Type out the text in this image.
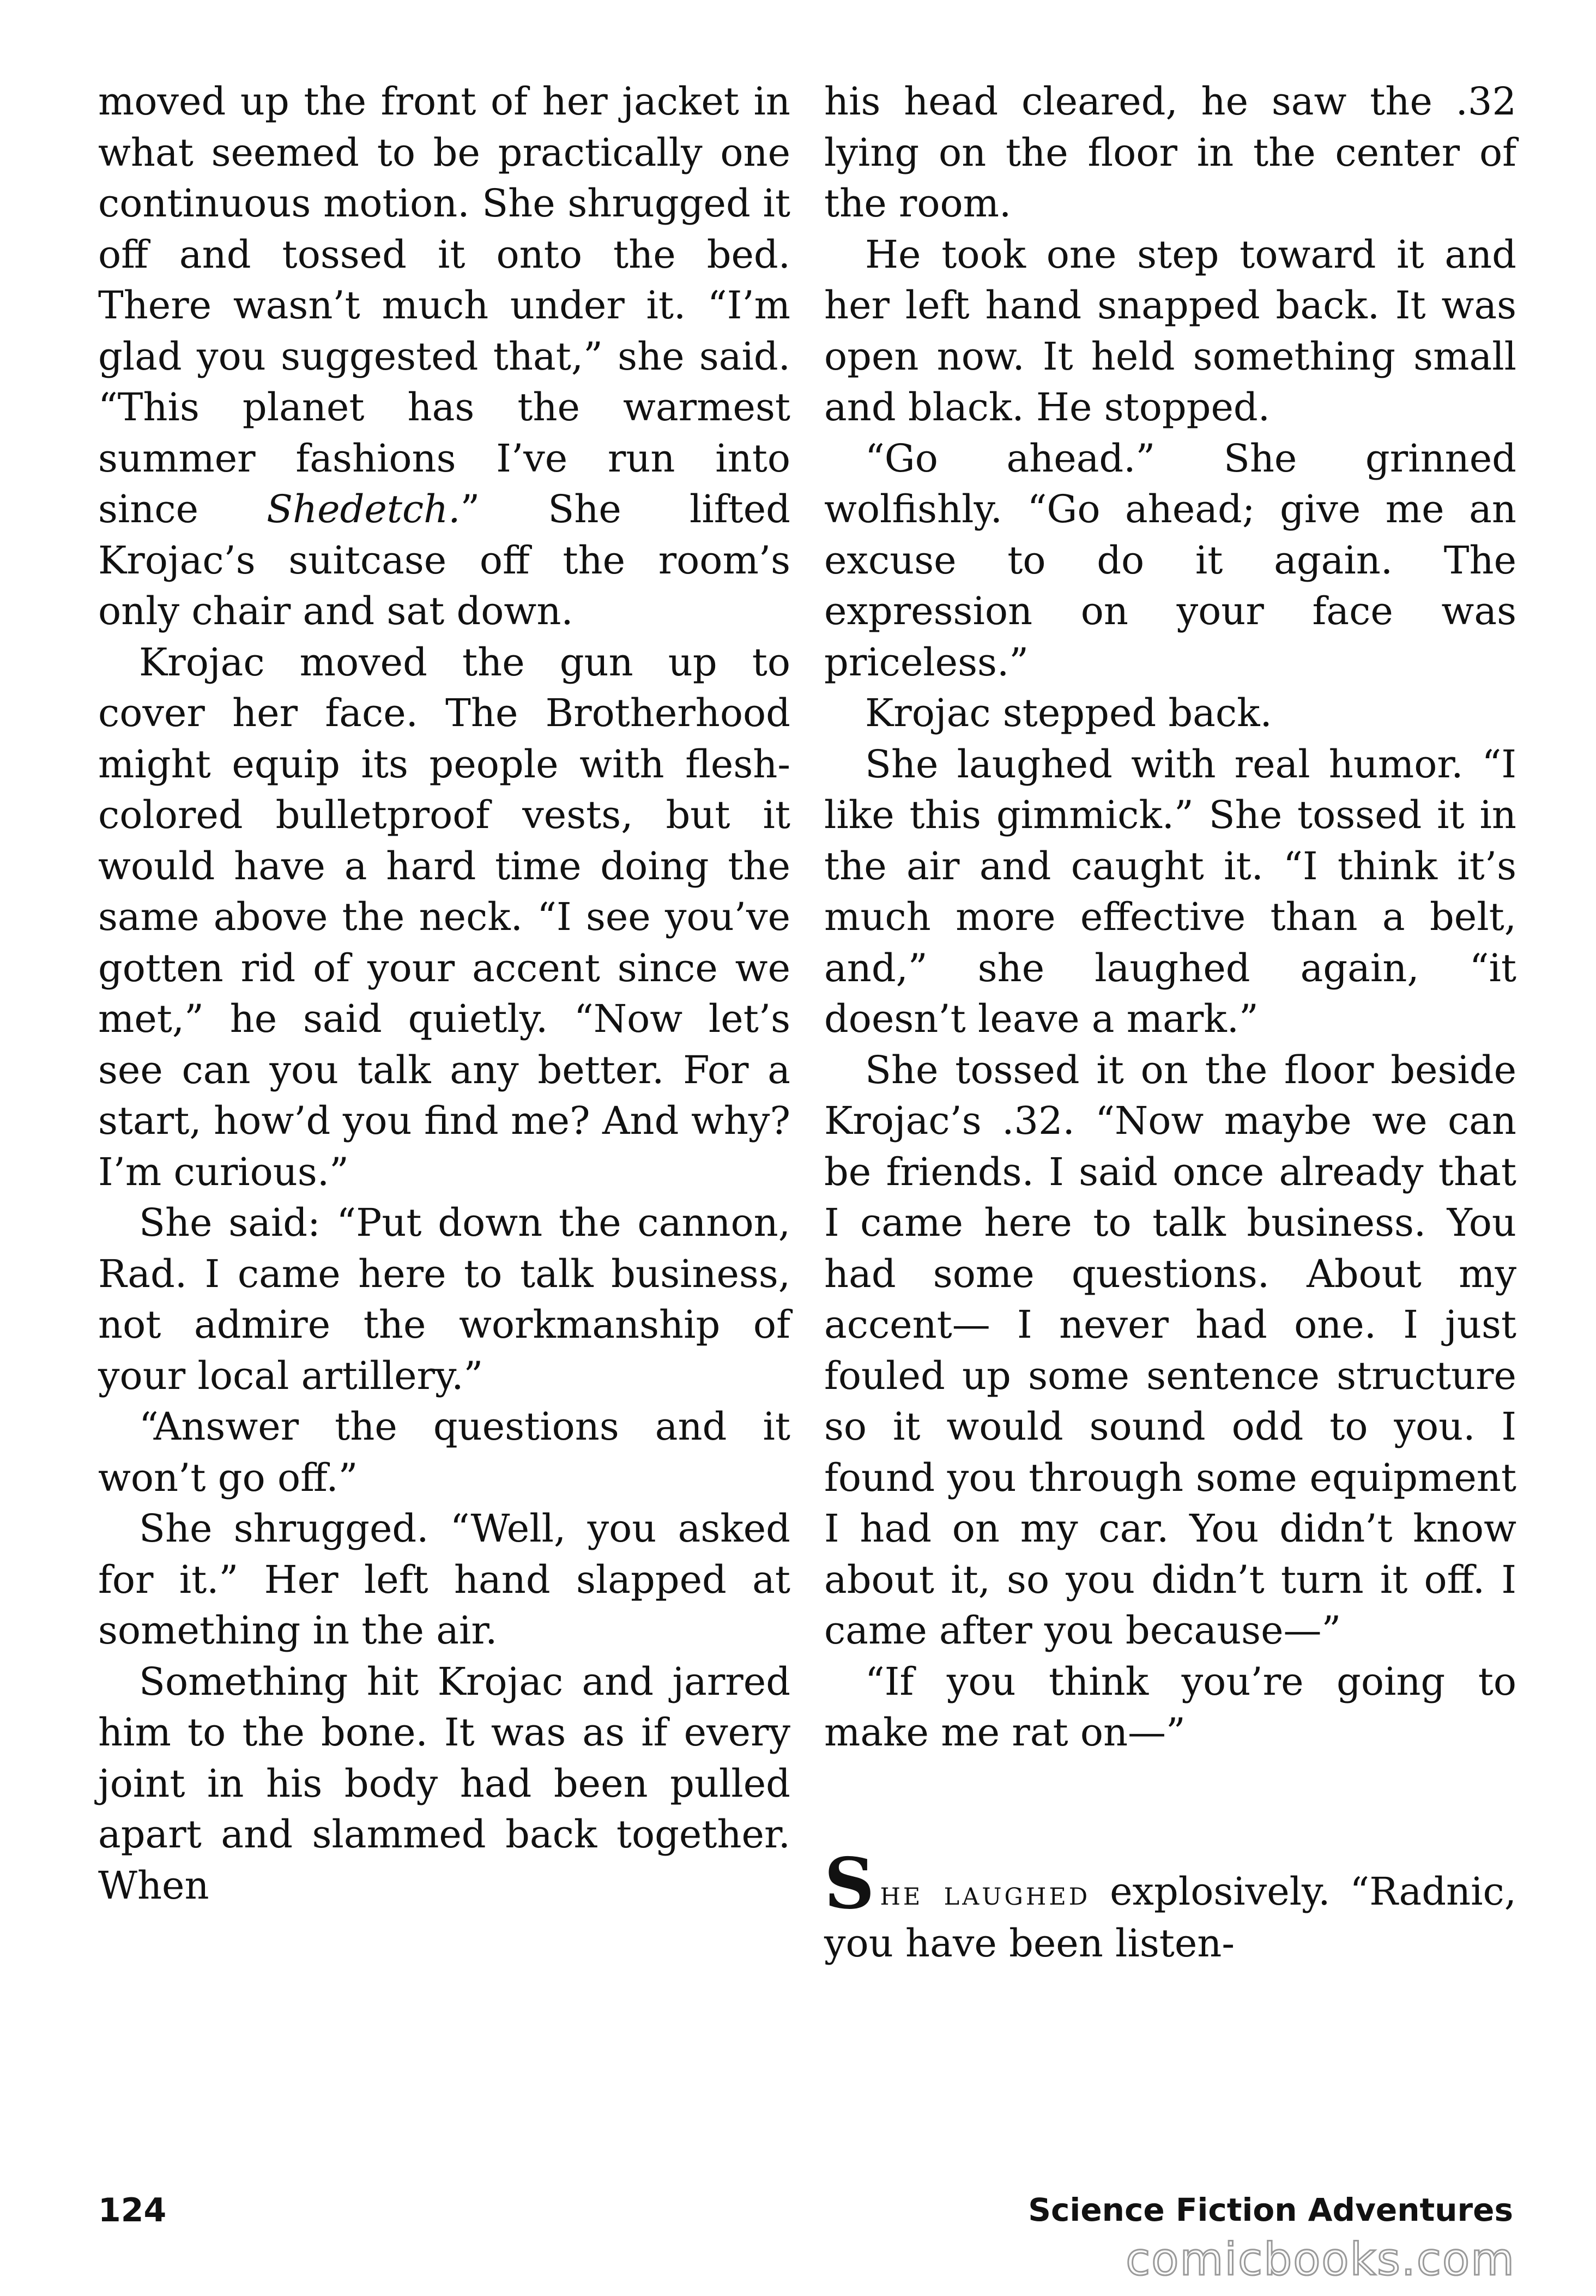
moved up the front of her jacket in what seemed to be practically one continuous motion. She shrugged it off and tossed it onto the bed. There wasn’t much under it. “I’m glad you suggested that,” she said. “This planet has the warmest summer fashions I’ve run into since Shedetch.” She lifted Krojac’s suitcase off the room’s only chair and sat down.

Krojac moved the gun up to cover her face. The Brotherhood might equip its people with flesh-colored bulletproof vests, but it would have a hard time doing the same above the neck. “I see you’ve gotten rid of your accent since we met,” he said quietly. “Now let’s see can you talk any better. For a start, how’d you find me? And why? I’m curious.”

She said: “Put down the cannon, Rad. I came here to talk business, not admire the workmanship of your local artillery.”

“Answer the questions and it won’t go off.”

She shrugged. “Well, you asked for it.” Her left hand slapped at something in the air.

Something hit Krojac and jarred him to the bone. It was as if every joint in his body had been pulled apart and slammed back together. When

his head cleared, he saw the .32 lying on the floor in the center of the room.

He took one step toward it and her left hand snapped back. It was open now. It held something small and black. He stopped.

“Go ahead.” She grinned wolfishly. “Go ahead; give me an excuse to do it again. The expression on your face was priceless.”

Krojac stepped back.

She laughed with real humor. “I like this gimmick.” She tossed it in the air and caught it. “I think it’s much more effective than a belt, and,” she laughed again, “it doesn’t leave a mark.”

She tossed it on the floor beside Krojac’s .32. “Now maybe we can be friends. I said once already that I came here to talk business. You had some questions. About my accent— I never had one. I just fouled up some sentence structure so it would sound odd to you. I found you through some equipment I had on my car. You didn’t know about it, so you didn’t turn it off. I came after you because—”

“If you think you’re going to make me rat on—”

She laughed explosively. “Radnic, you have been listen-

124	Science Fiction Adventures
comicbooks.com
